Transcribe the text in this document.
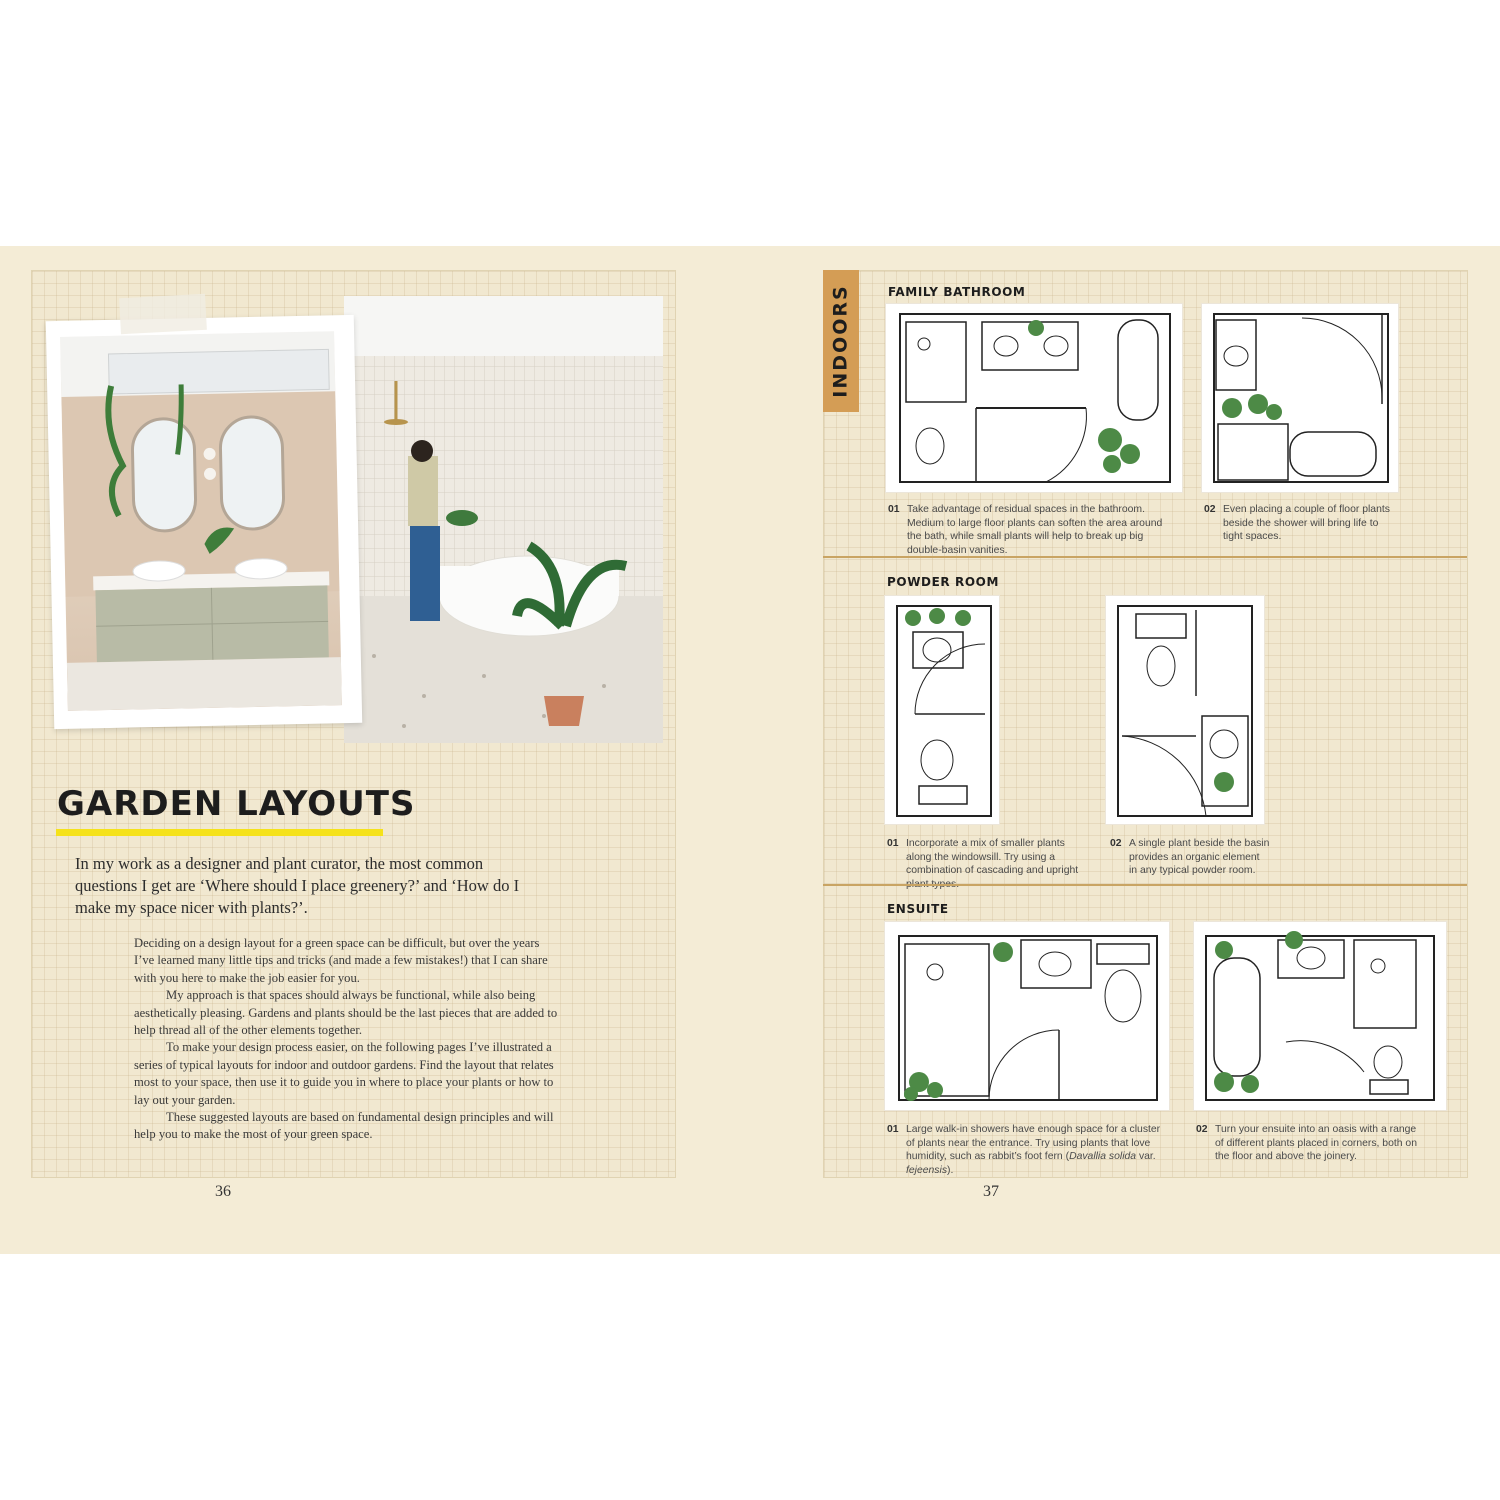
GARDEN LAYOUTS
In my work as a designer and plant curator, the most common questions I get are ‘Where should I place greenery?’ and ‘How do I make my space nicer with plants?’.

Deciding on a design layout for a green space can be difficult, but over the years I’ve learned many little tips and tricks (and made a few mistakes!) that I can share with you here to make the job easier for you.

My approach is that spaces should always be functional, while also being aesthetically pleasing. Gardens and plants should be the last pieces that are added to help thread all of the other elements together.

To make your design process easier, on the following pages I’ve illustrated a series of typical layouts for indoor and outdoor gardens. Find the layout that relates most to your space, then use it to guide you in where to place your plants or how to lay out your garden.

These suggested layouts are based on fundamental design principles and will help you to make the most of your green space.

36
INDOORS	FAMILY BATHROOM
01 Take advantage of residual spaces in the bathroom. Medium to large floor plants can soften the area around the bath, while small plants will help to break up big double-basin vanities.
02 Even placing a couple of floor plants beside the shower will bring life to tight spaces.
POWDER ROOM
01 Incorporate a mix of smaller plants along the windowsill. Try using a combination of cascading and upright
02 A single plant beside the basin provides an organic element in any typical powder room.
ENSUITE
01 Large walk-in showers have enough space for a cluster of plants near the entrance. Try using plants that love humidity, such as rabbit’s foot fern (Davallia solida var. fejeensis).
02 Turn your ensuite into an oasis with a range of different plants placed in corners, both on the floor and above the joinery.
37
